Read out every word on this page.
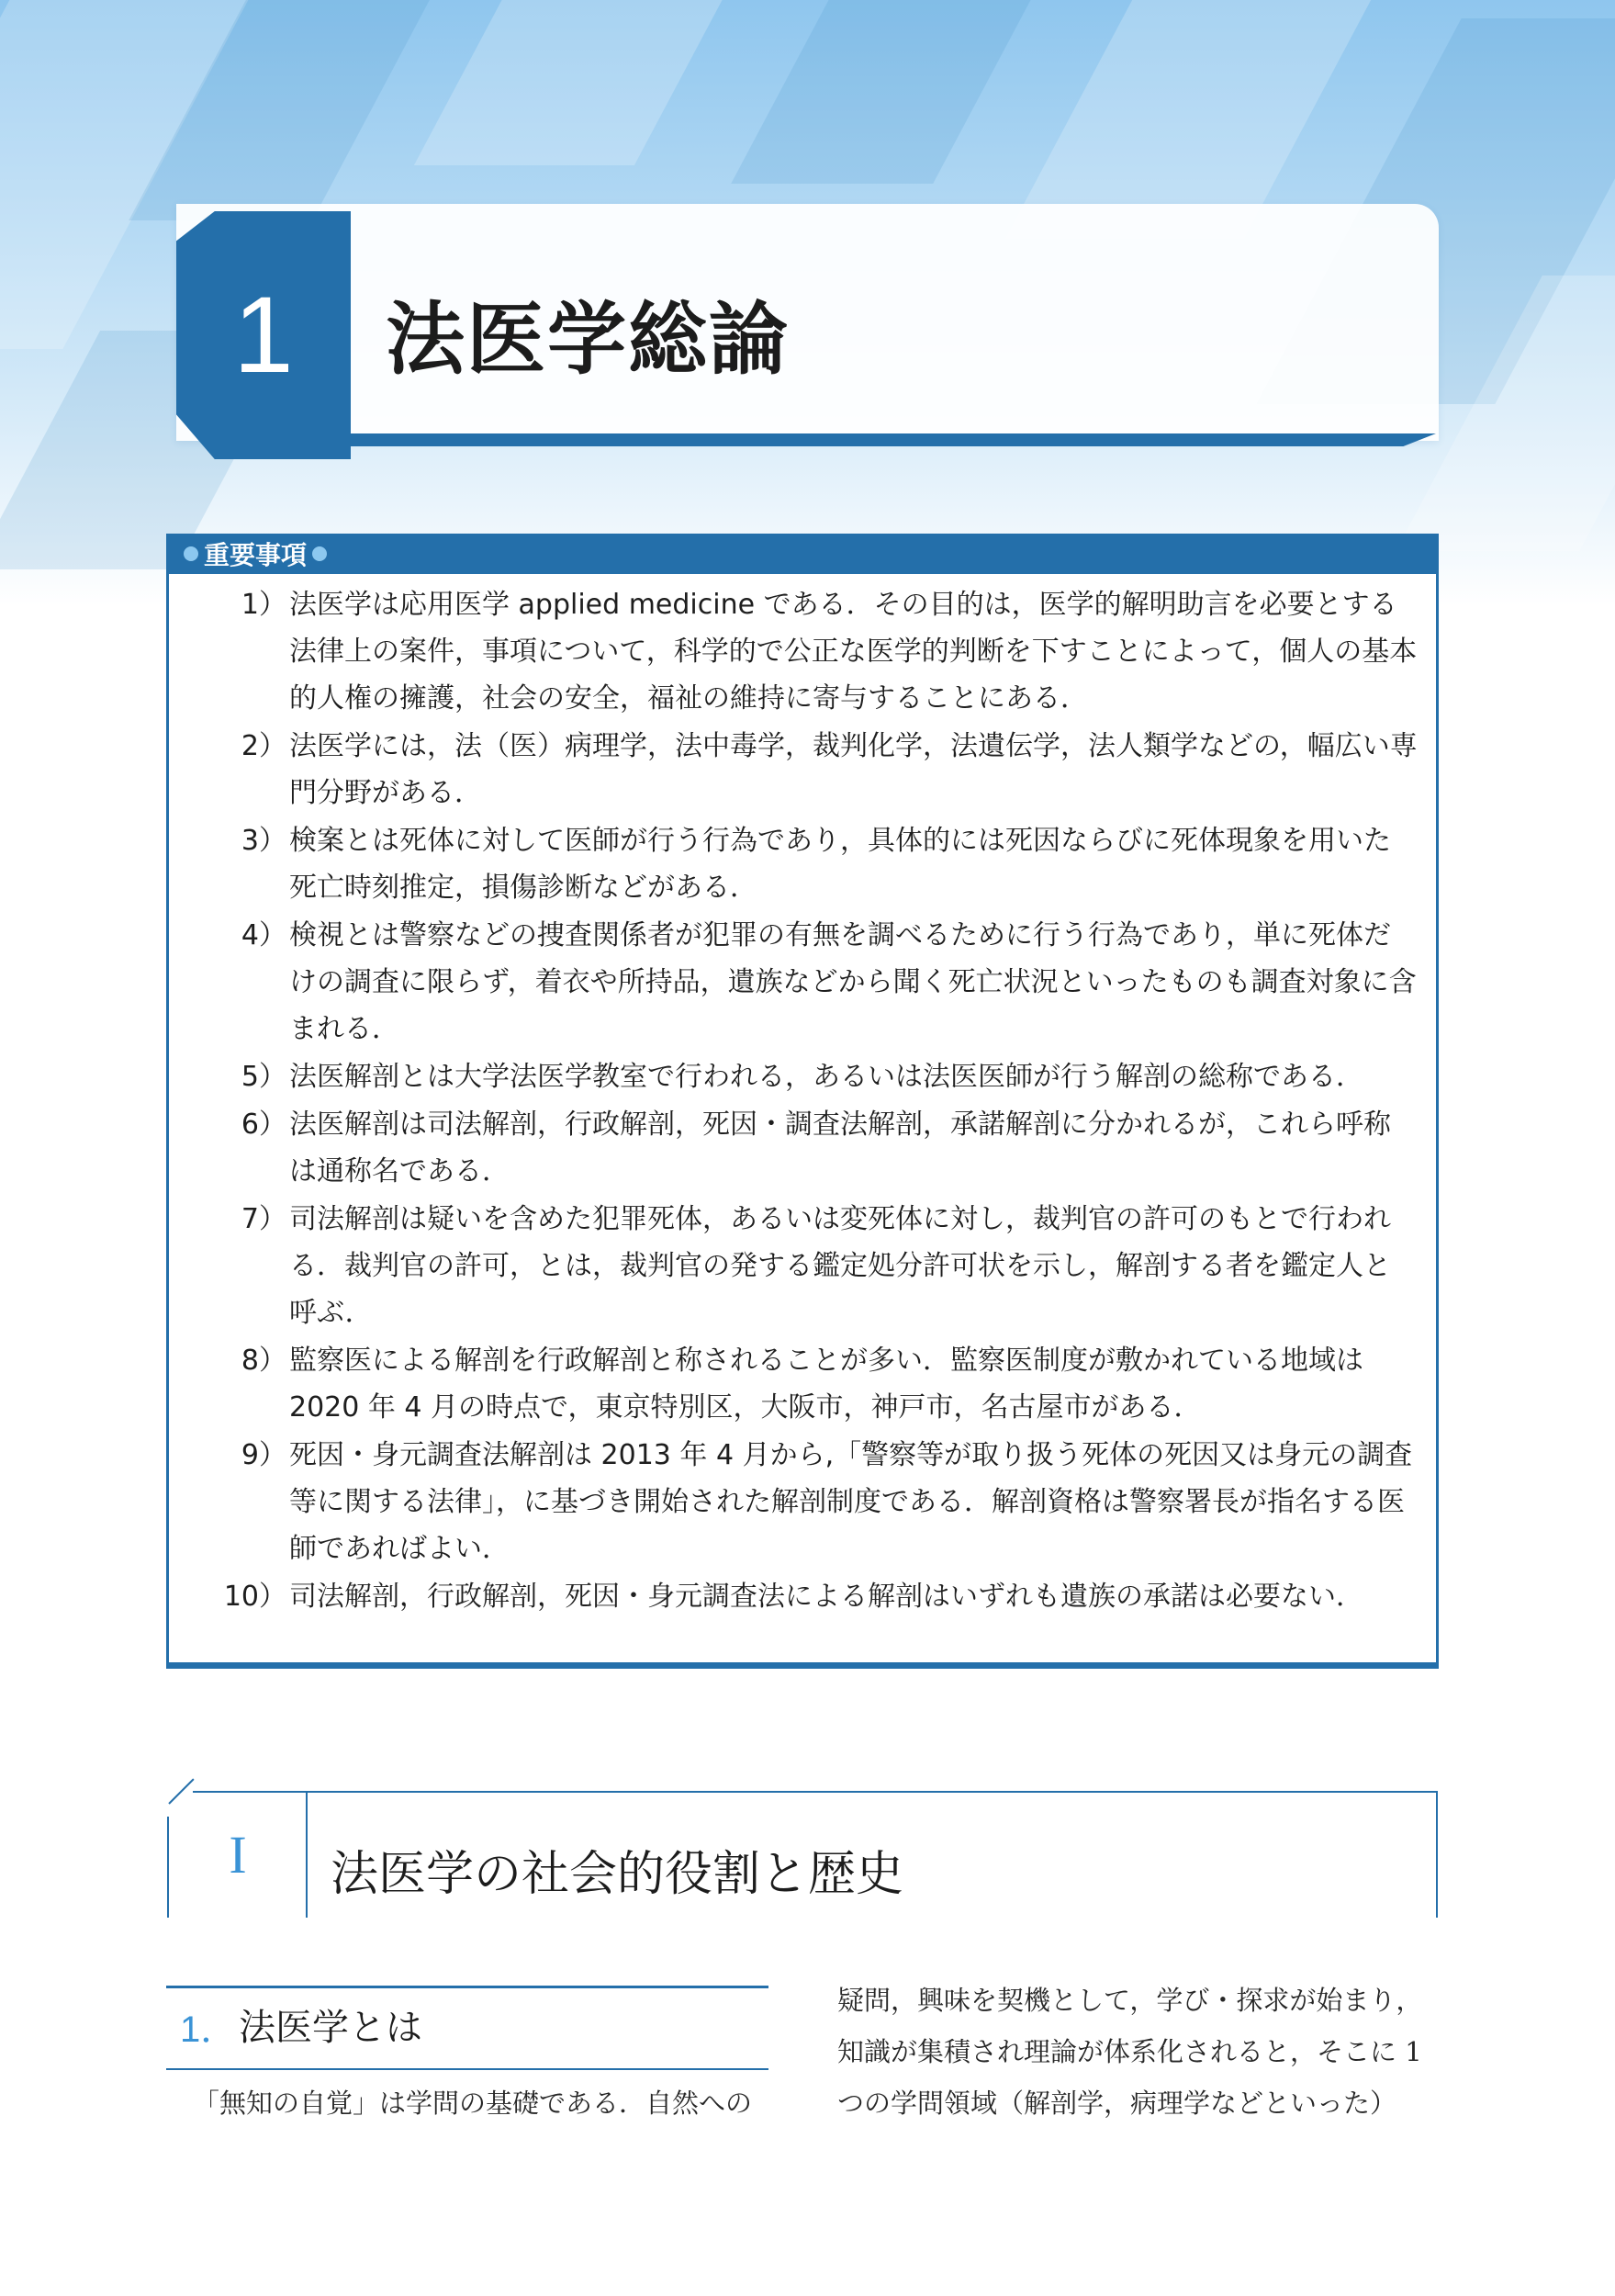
1	法医学総論
重要事項
1） 法医学は応用医学 applied medicine である．その目的は，医学的解明助言を必要とする法律上の案件，事項について，科学的で公正な医学的判断を下すことによって，個人の基本的人権の擁護，社会の安全，福祉の維持に寄与することにある．
2） 法医学には，法（医）病理学，法中毒学，裁判化学，法遺伝学，法人類学などの，幅広い専門分野がある．
3） 検案とは死体に対して医師が行う行為であり，具体的には死因ならびに死体現象を用いた死亡時刻推定，損傷診断などがある．
4） 検視とは警察などの捜査関係者が犯罪の有無を調べるために行う行為であり，単に死体だけの調査に限らず，着衣や所持品，遺族などから聞く死亡状況といったものも調査対象に含まれる．
5） 法医解剖とは大学法医学教室で行われる，あるいは法医医師が行う解剖の総称である．
6） 法医解剖は司法解剖，行政解剖，死因・調査法解剖，承諾解剖に分かれるが，これら呼称は通称名である．
7） 司法解剖は疑いを含めた犯罪死体，あるいは変死体に対し，裁判官の許可のもとで行われる．裁判官の許可，とは，裁判官の発する鑑定処分許可状を示し，解剖する者を鑑定人と呼ぶ．
8） 監察医による解剖を行政解剖と称されることが多い．監察医制度が敷かれている地域は 2020 年 4 月の時点で，東京特別区，大阪市，神戸市，名古屋市がある．
9） 死因・身元調査法解剖は 2013 年 4 月から,「警察等が取り扱う死体の死因又は身元の調査等に関する法律」，に基づき開始された解剖制度である．解剖資格は警察署長が指名する医師であればよい．
10） 司法解剖，行政解剖，死因・身元調査法による解剖はいずれも遺族の承諾は必要ない．
I	法医学の社会的役割と歴史
1． 法医学とは
「無知の自覚」は学問の基礎である．自然への
疑問，興味を契機として，学び・探求が始まり，知識が集積され理論が体系化されると，そこに 1 つの学問領域（解剖学，病理学などといった）
